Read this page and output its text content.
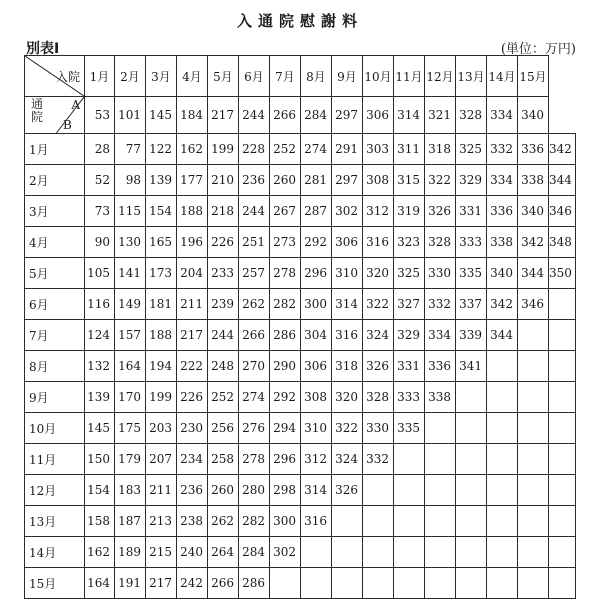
入通院慰謝料
別表Ⅰ	(単位：万円)
入院	1月	2月	3月	4月	5月	6月	7月	8月	9月	10月	11月	12月	13月	14月	15月	

通院
A
B	53	101	145	184	217	244	266	284	297	306	314	321	328	334	340	
1月	28	77	122	162	199	228	252	274	291	303	311	318	325	332	336	342
2月	52	98	139	177	210	236	260	281	297	308	315	322	329	334	338	344
3月	73	115	154	188	218	244	267	287	302	312	319	326	331	336	340	346
4月	90	130	165	196	226	251	273	292	306	316	323	328	333	338	342	348
5月	105	141	173	204	233	257	278	296	310	320	325	330	335	340	344	350
6月	116	149	181	211	239	262	282	300	314	322	327	332	337	342	346	
7月	124	157	188	217	244	266	286	304	316	324	329	334	339	344		
8月	132	164	194	222	248	270	290	306	318	326	331	336	341			
9月	139	170	199	226	252	274	292	308	320	328	333	338				
10月	145	175	203	230	256	276	294	310	322	330	335					
11月	150	179	207	234	258	278	296	312	324	332						
12月	154	183	211	236	260	280	298	314	326							
13月	158	187	213	238	262	282	300	316								
14月	162	189	215	240	264	284	302									
15月	164	191	217	242	266	286										
